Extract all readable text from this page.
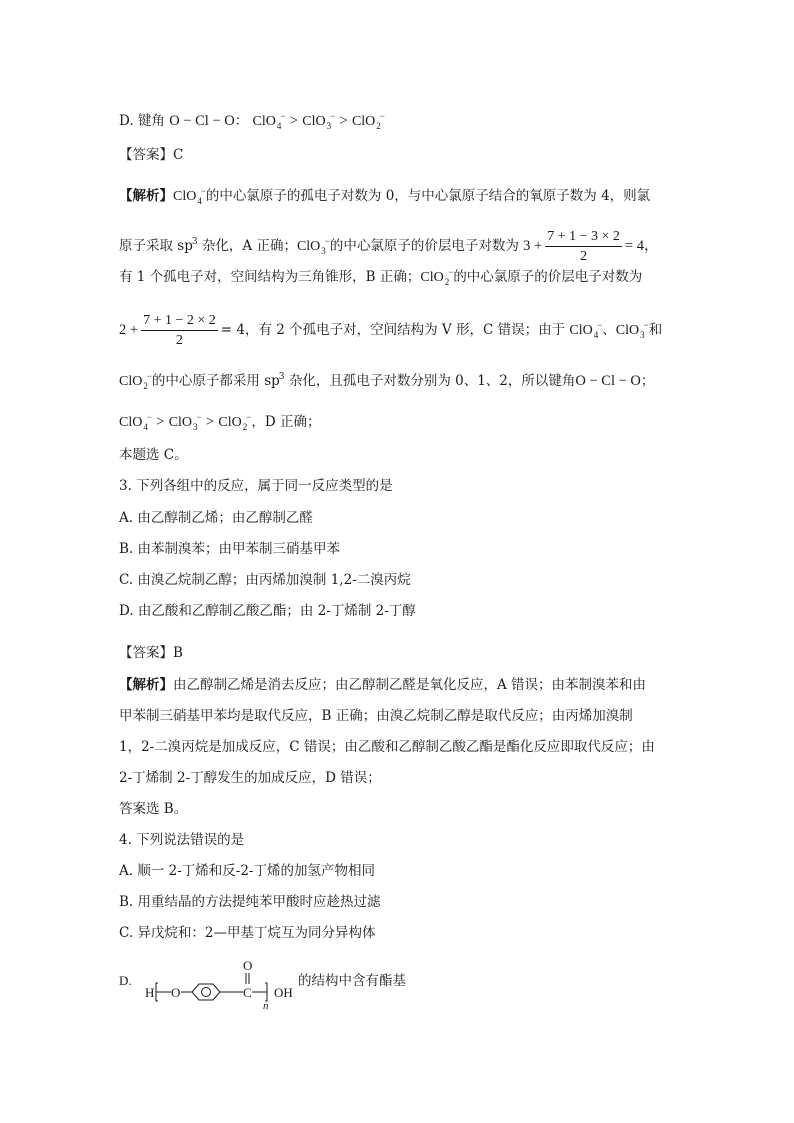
D. 键角 O − Cl − O： ClO$_4$− > ClO$_3$− > ClO$_2$−
【答案】C
【解析】ClO$_4$−的中心氯原子的孤电子对数为 0，与中心氯原子结合的氧原子数为 4，则氯
原子采取 $sp^3$ 杂化，A 正确；ClO$_3$−的中心氯原子的价层电子对数为 $3 + \frac{7 + 1 - 3 \times 2}{2} = 4$，
有 1 个孤电子对，空间结构为三角锥形，B 正确；ClO$_2$−的中心氯原子的价层电子对数为
$2 + \frac{7 + 1 - 2 \times 2}{2} = 4$，有 2 个孤电子对，空间结构为 V 形，C 错误；由于 ClO$_4$−、ClO$_3$−和
ClO$_2$−的中心原子都采用 $sp^3$ 杂化，且孤电子对数分别为 0、1、2，所以键角O − Cl − O；
ClO$_4$− > ClO$_3$− > ClO$_2$−，D 正确；
本题选 C。
3. 下列各组中的反应，属于同一反应类型的是
A. 由乙醇制乙烯；由乙醇制乙醛
B. 由苯制溴苯；由甲苯制三硝基甲苯
C. 由溴乙烷制乙醇；由丙烯加溴制 1,2-二溴丙烷
D. 由乙酸和乙醇制乙酸乙酯；由 2-丁烯制 2-丁醇
【答案】B
【解析】由乙醇制乙烯是消去反应；由乙醇制乙醛是氧化反应，A 错误；由苯制溴苯和由
甲苯制三硝基甲苯均是取代反应，B 正确；由溴乙烷制乙醇是取代反应；由丙烯加溴制
1，2-二溴丙烷是加成反应，C 错误；由乙酸和乙醇制乙酸乙酯是酯化反应即取代反应；由
2-丁烯制 2-丁醇发生的加成反应，D 错误；
答案选 B。
4. 下列说法错误的是
A. 顺一 2-丁烯和反-2-丁烯的加氢产物相同
B. 用重结晶的方法提纯苯甲酸时应趁热过滤
C. 异戊烷和：2—甲基丁烷互为同分异构体
D.
H O	C
O
OH
n
的结构中含有酯基
